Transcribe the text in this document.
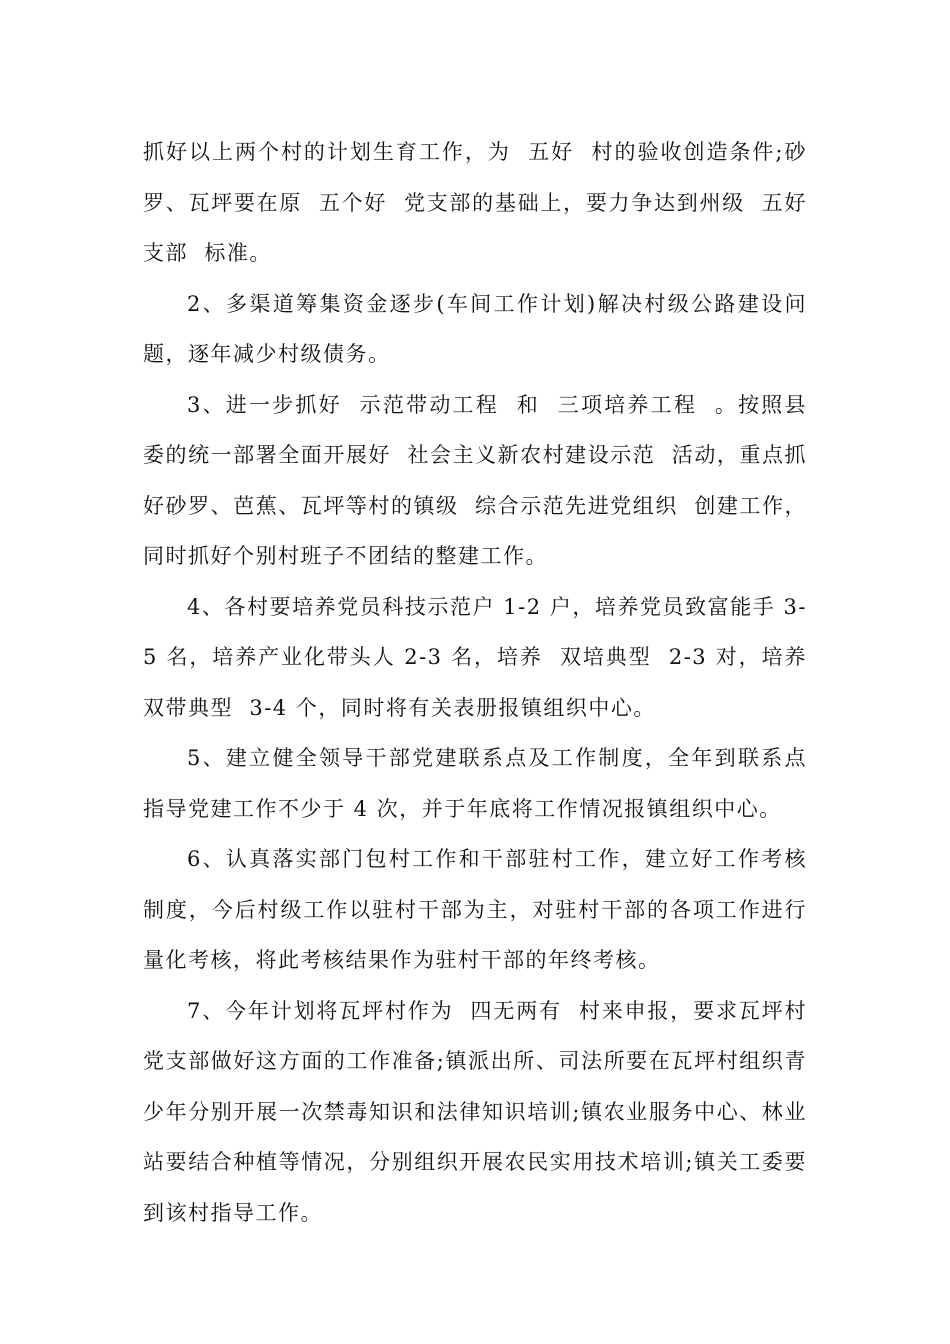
抓好以上两个村的计划生育工作，为  五好  村的验收创造条件;砂罗、瓦坪要在原  五个好  党支部的基础上，要力争达到州级  五好支部  标准。

2、多渠道筹集资金逐步(车间工作计划)解决村级公路建设问题，逐年减少村级债务。

3、进一步抓好  示范带动工程  和  三项培养工程  。按照县委的统一部署全面开展好  社会主义新农村建设示范  活动，重点抓好砂罗、芭蕉、瓦坪等村的镇级  综合示范先进党组织  创建工作，同时抓好个别村班子不团结的整建工作。

4、各村要培养党员科技示范户 1-2 户，培养党员致富能手 3-5 名，培养产业化带头人 2-3 名，培养  双培典型  2-3 对，培养  双带典型  3-4 个，同时将有关表册报镇组织中心。

5、建立健全领导干部党建联系点及工作制度，全年到联系点指导党建工作不少于 4 次，并于年底将工作情况报镇组织中心。

6、认真落实部门包村工作和干部驻村工作，建立好工作考核制度，今后村级工作以驻村干部为主，对驻村干部的各项工作进行量化考核，将此考核结果作为驻村干部的年终考核。

7、今年计划将瓦坪村作为  四无两有  村来申报，要求瓦坪村党支部做好这方面的工作准备;镇派出所、司法所要在瓦坪村组织青少年分别开展一次禁毒知识和法律知识培训;镇农业服务中心、林业站要结合种植等情况，分别组织开展农民实用技术培训;镇关工委要到该村指导工作。
